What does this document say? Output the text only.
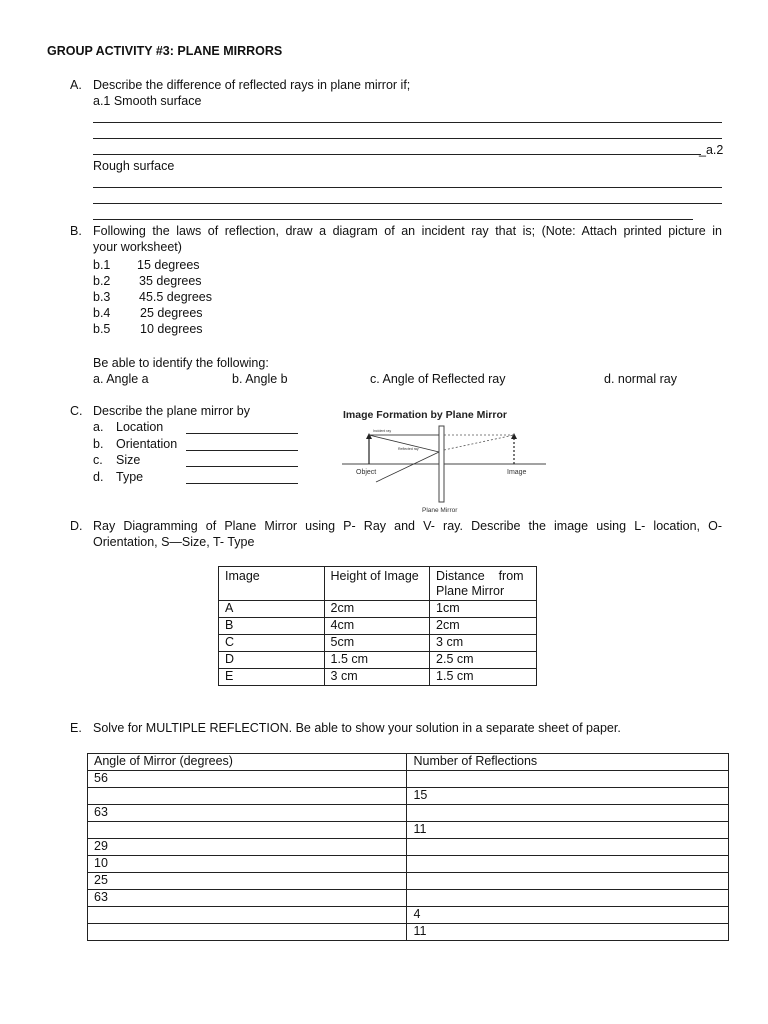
GROUP ACTIVITY #3: PLANE MIRRORS
A. Describe the difference of reflected rays in plane mirror if;
a.1 Smooth surface
_a.2
Rough surface
B. Following the laws of reflection, draw a diagram of an incident ray that is; (Note: Attach printed picture in
your worksheet)
b.1 15 degrees
b.2 35 degrees
b.3 45.5 degrees
b.4 25 degrees
b.5 10 degrees
Be able to identify the following:
a. Angle a	b. Angle b	c. Angle of Reflected ray	d. normal ray
C. Describe the plane mirror by
a. Location
b. Orientation
c. Size
d. Type
Image Formation by Plane Mirror
Incident ray
Reflected ray
Object	Image
Plane Mirror
D. Ray Diagramming of Plane Mirror using P- Ray and V- ray. Describe the image using L- location, O-
Orientation, S—Size, T- Type
Image	Height of Image	Distance    from
Plane Mirror

A	2cm	1cm
B	4cm	2cm
C	5cm	3 cm
D	1.5 cm	2.5 cm
E	3 cm	1.5 cm
E. Solve for MULTIPLE REFLECTION. Be able to show your solution in a separate sheet of paper.
Angle of Mirror (degrees)	Number of Reflections
56	
	15
63	
	11
29	
10	
25	
63	
	4
	11
